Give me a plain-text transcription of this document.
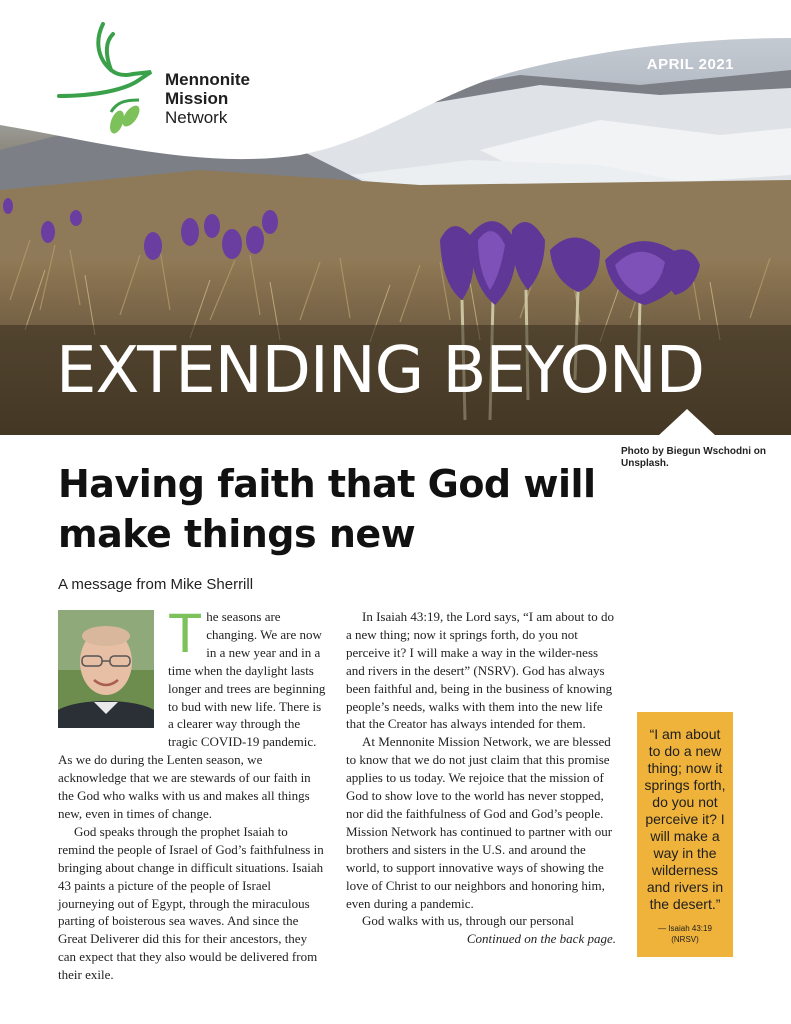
Mennonite
Mission
Network
APRIL 2021
EXTENDING BEYOND
Photo by Biegun Wschodni on Unsplash.
Having faith that God will make things new
A message from Mike Sherrill

The seasons are changing. We are now in a new year and in a time when the daylight lasts longer and trees are beginning to bud with new life. There is a clearer way through the tragic COVID-19 pandemic. As we do during the Lenten season, we acknowledge that we are stewards of our faith in the God who walks with us and makes all things new, even in times of change.

God speaks through the prophet Isaiah to remind the people of Israel of God’s faithfulness in bringing about change in difficult situations. Isaiah 43 paints a picture of the people of Israel journeying out of Egypt, through the miraculous parting of boisterous sea waves. And since the Great Deliverer did this for their ancestors, they can expect that they also would be delivered from their exile.

In Isaiah 43:19, the Lord says, “I am about to do a new thing; now it springs forth, do you not perceive it? I will make a way in the wilder-ness and rivers in the desert” (NSRV). God has always been faithful and, being in the business of knowing people’s needs, walks with them into the new life that the Creator has always intended for them.

At Mennonite Mission Network, we are blessed to know that we do not just claim that this promise applies to us today. We rejoice that the mission of God to show love to the world has never stopped, nor did the faithfulness of God and God’s people. Mission Network has continued to partner with our brothers and sisters in the U.S. and around the world, to support innovative ways of showing the love of Christ to our neighbors and honoring him, even during a pandemic.

God walks with us, through our personal

Continued on the back page.

“I am about to do a new thing; now it springs forth, do you not perceive it? I will make a way in the wilderness and rivers in the desert.”
— Isaiah 43:19
(NRSV)
